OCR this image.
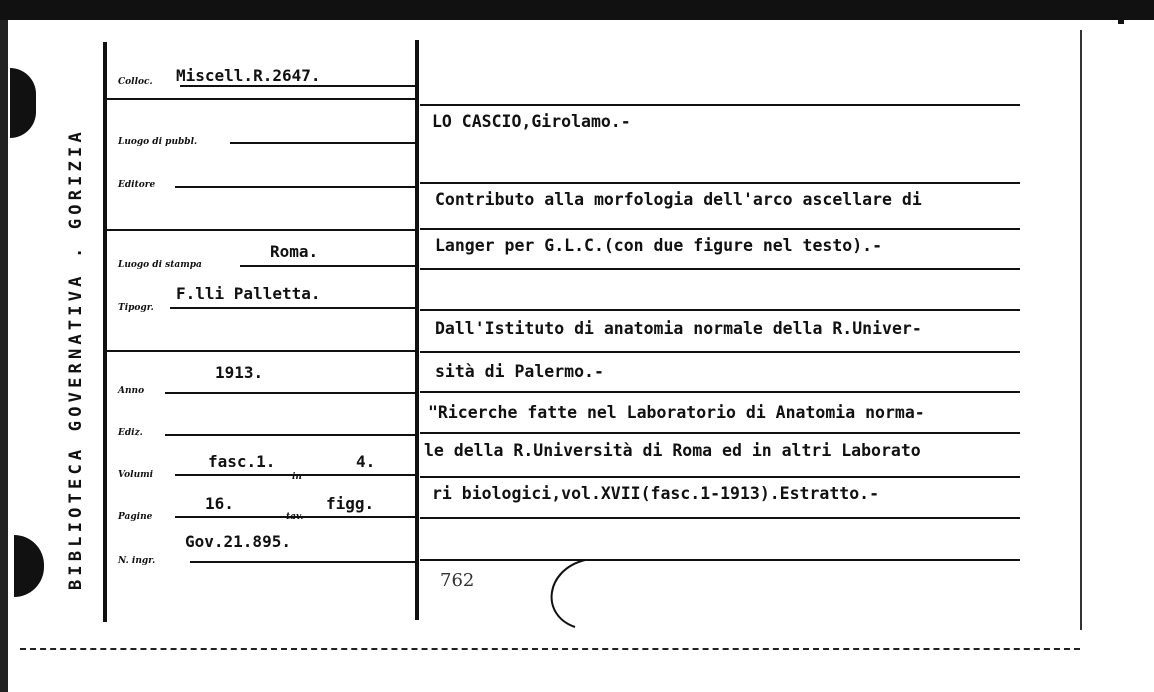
BIBLIOTECA GOVERNATIVA . GORIZIA
Colloc. Miscell.R.2647.
Luogo di pubbl.
Editore
Luogo di stampa
Roma.
Tipogr.
F.lli Palletta.
Anno
1913.
Ediz.
Volumi
fasc.1.
in
4.
Pagine
16.
tav.
figg.
Gov.21.895.
N. ingr.
LO CASCIO,Girolamo.-
Contributo alla morfologia dell'arco ascellare di
Langer per G.L.C.(con due figure nel testo).-
Dall'Istituto di anatomia normale della R.Univer-
sità di Palermo.-
"Ricerche fatte nel Laboratorio di Anatomia norma-
le della R.Università di Roma ed in altri Laborato
ri biologici,vol.XVII(fasc.1-1913).Estratto.-
762
